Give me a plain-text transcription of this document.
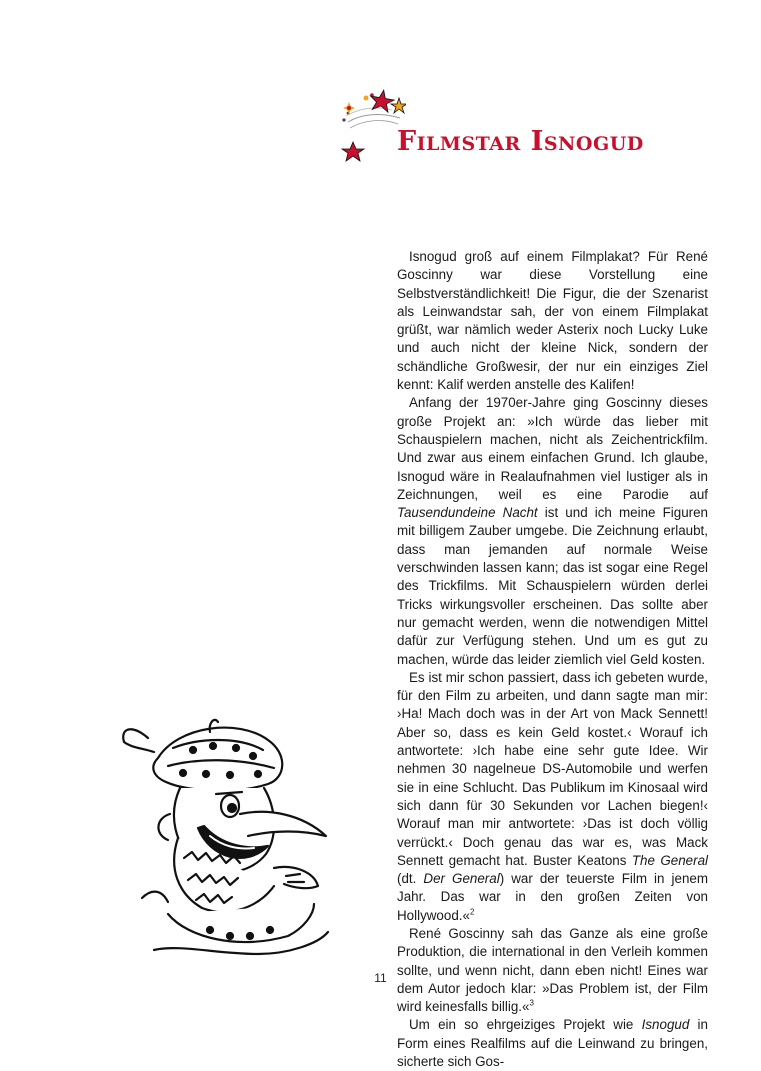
Filmstar Isnogud

Isnogud groß auf einem Filmplakat? Für René Goscinny war diese Vorstellung eine Selbstverständlichkeit! Die Figur, die der Szenarist als Leinwandstar sah, der von einem Filmplakat grüßt, war nämlich weder Asterix noch Lucky Luke und auch nicht der kleine Nick, sondern der schändliche Großwesir, der nur ein einziges Ziel kennt: Kalif werden anstelle des Kalifen!

Anfang der 1970er-Jahre ging Goscinny dieses große Projekt an: »Ich würde das lieber mit Schauspielern machen, nicht als Zeichentrickfilm. Und zwar aus einem einfachen Grund. Ich glaube, Isnogud wäre in Realaufnahmen viel lustiger als in Zeichnungen, weil es eine Parodie auf Tausendundeine Nacht ist und ich meine Figuren mit billigem Zauber umgebe. Die Zeichnung erlaubt, dass man jemanden auf normale Weise verschwinden lassen kann; das ist sogar eine Regel des Trickfilms. Mit Schauspielern würden derlei Tricks wirkungsvoller erscheinen. Das sollte aber nur gemacht werden, wenn die notwendigen Mittel dafür zur Verfügung stehen. Und um es gut zu machen, würde das leider ziemlich viel Geld kosten.

Es ist mir schon passiert, dass ich gebeten wurde, für den Film zu arbeiten, und dann sagte man mir: ›Ha! Mach doch was in der Art von Mack Sennett! Aber so, dass es kein Geld kostet.‹ Worauf ich antwortete: ›Ich habe eine sehr gute Idee. Wir nehmen 30 nagelneue DS-Automobile und werfen sie in eine Schlucht. Das Publikum im Kinosaal wird sich dann für 30 Sekunden vor Lachen biegen!‹ Worauf man mir antwortete: ›Das ist doch völlig verrückt.‹ Doch genau das war es, was Mack Sennett gemacht hat. Buster Keatons The General (dt. Der General) war der teuerste Film in jenem Jahr. Das war in den großen Zeiten von Hollywood.«$^2$

René Goscinny sah das Ganze als eine große Produktion, die international in den Verleih kommen sollte, und wenn nicht, dann eben nicht! Eines war dem Autor jedoch klar: »Das Problem ist, der Film wird keinesfalls billig.«$^3$

Um ein so ehrgeiziges Projekt wie Isnogud in Form eines Realfilms auf die Leinwand zu bringen, sicherte sich Gos-

11
